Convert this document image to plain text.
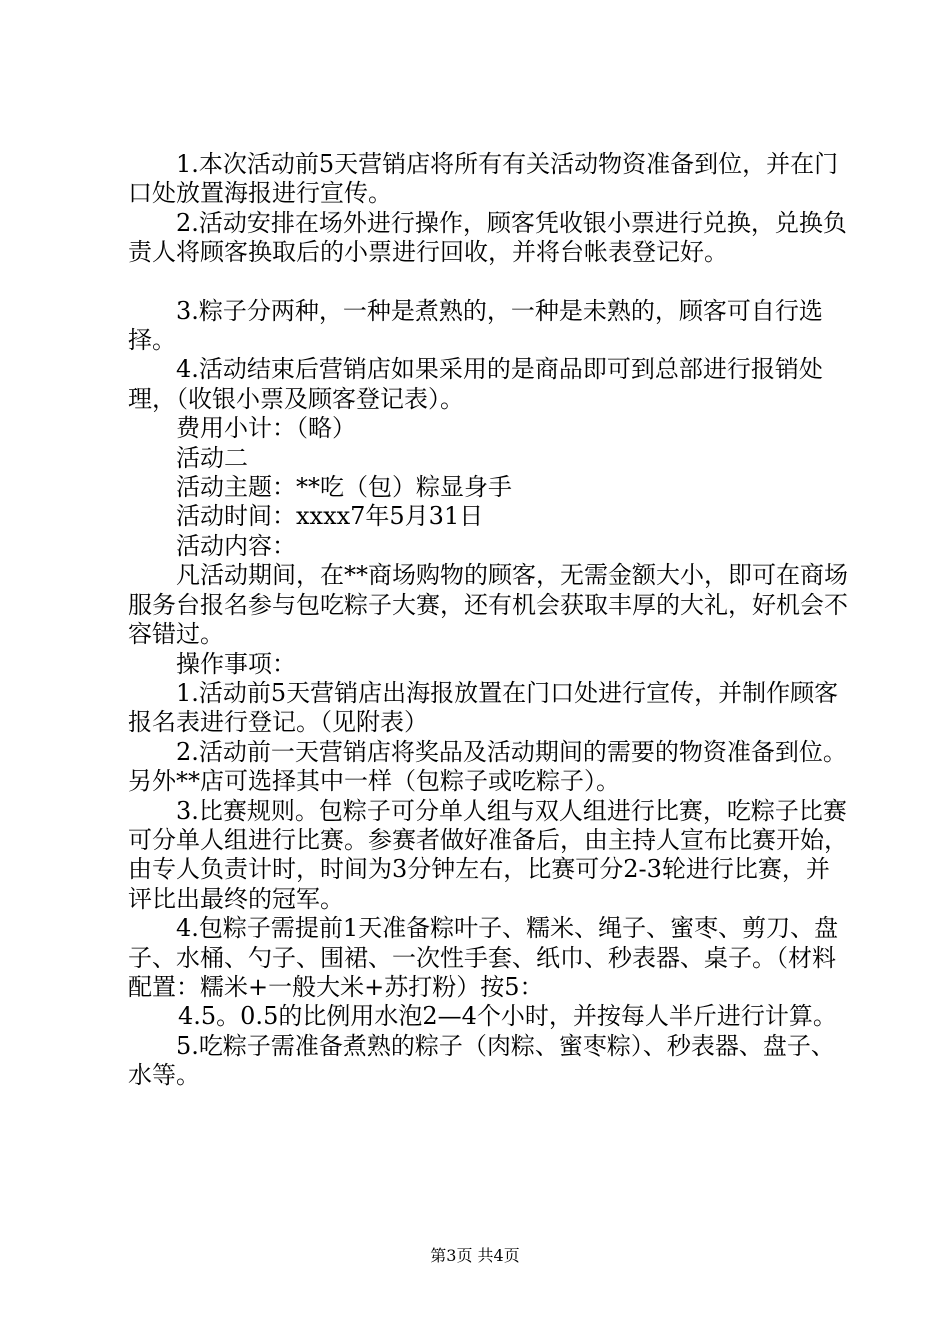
1.本次活动前5天营销店将所有有关活动物资准备到位，并在门口处放置海报进行宣传。
2.活动安排在场外进行操作，顾客凭收银小票进行兑换，兑换负责人将顾客换取后的小票进行回收，并将台帐表登记好。
3.粽子分两种，一种是煮熟的，一种是未熟的，顾客可自行选择。
4.活动结束后营销店如果采用的是商品即可到总部进行报销处理，（收银小票及顾客登记表）。
费用小计：（略）
活动二
活动主题：**吃（包）粽显身手
活动时间：xxxx7年5月31日
活动内容：
凡活动期间，在**商场购物的顾客，无需金额大小，即可在商场服务台报名参与包吃粽子大赛，还有机会获取丰厚的大礼，好机会不容错过。
操作事项：
1.活动前5天营销店出海报放置在门口处进行宣传，并制作顾客报名表进行登记。（见附表）
2.活动前一天营销店将奖品及活动期间的需要的物资准备到位。另外**店可选择其中一样（包粽子或吃粽子）。
3.比赛规则。包粽子可分单人组与双人组进行比赛，吃粽子比赛可分单人组进行比赛。参赛者做好准备后，由主持人宣布比赛开始，由专人负责计时，时间为3分钟左右，比赛可分2-3轮进行比赛，并评比出最终的冠军。
4.包粽子需提前1天准备粽叶子、糯米、绳子、蜜枣、剪刀、盘子、水桶、勺子、围裙、一次性手套、纸巾、秒表器、桌子。（材料配置：糯米+一般大米+苏打粉）按5：
4.5。0.5的比例用水泡2—4个小时，并按每人半斤进行计算。
5.吃粽子需准备煮熟的粽子（肉粽、蜜枣粽）、秒表器、盘子、水等。
第3页 共4页
